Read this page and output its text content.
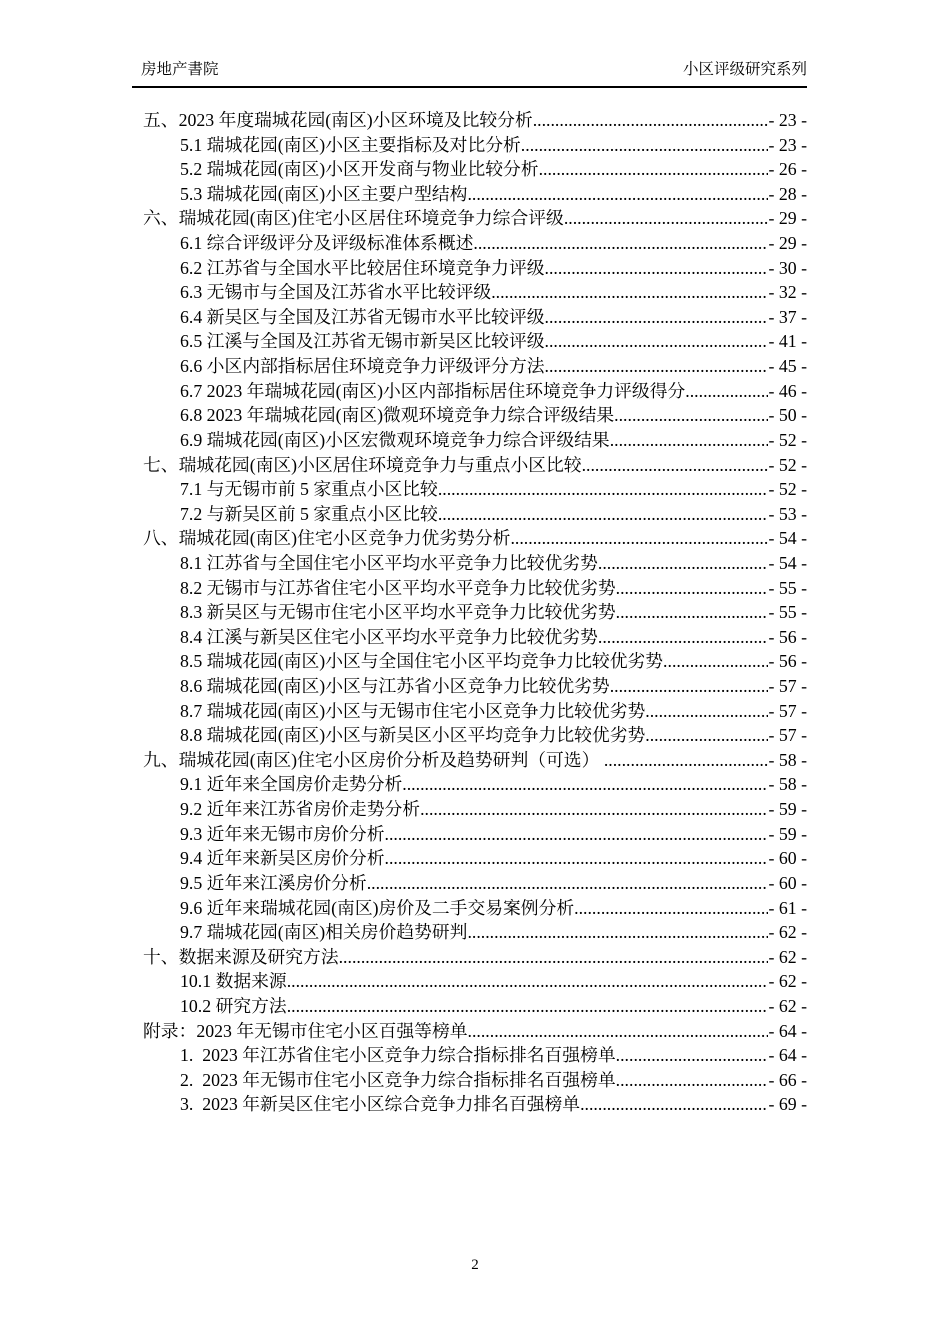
房地产書院	小区评级研究系列
五、2023 年度瑞城花园(南区)小区环境及比较分析 .....	- 23 -
5.1 瑞城花园(南区)小区主要指标及对比分析 .....	- 23 -
5.2 瑞城花园(南区)小区开发商与物业比较分析 .....	- 26 -
5.3 瑞城花园(南区)小区主要户型结构 .....	- 28 -
六、瑞城花园(南区)住宅小区居住环境竞争力综合评级 .....	- 29 -
6.1 综合评级评分及评级标准体系概述 .....	- 29 -
6.2 江苏省与全国水平比较居住环境竞争力评级 .....	- 30 -
6.3 无锡市与全国及江苏省水平比较评级 .....	- 32 -
6.4 新吴区与全国及江苏省无锡市水平比较评级 .....	- 37 -
6.5 江溪与全国及江苏省无锡市新吴区比较评级 .....	- 41 -
6.6 小区内部指标居住环境竞争力评级评分方法 .....	- 45 -
6.7 2023 年瑞城花园(南区)小区内部指标居住环境竞争力评级得分 .....	- 46 -
6.8 2023 年瑞城花园(南区)微观环境竞争力综合评级结果 .....	- 50 -
6.9 瑞城花园(南区)小区宏微观环境竞争力综合评级结果 .....	- 52 -
七、瑞城花园(南区)小区居住环境竞争力与重点小区比较 .....	- 52 -
7.1 与无锡市前 5 家重点小区比较 .....	- 52 -
7.2 与新吴区前 5 家重点小区比较 .....	- 53 -
八、瑞城花园(南区)住宅小区竞争力优劣势分析 .....	- 54 -
8.1 江苏省与全国住宅小区平均水平竞争力比较优劣势 .....	- 54 -
8.2 无锡市与江苏省住宅小区平均水平竞争力比较优劣势 .....	- 55 -
8.3 新吴区与无锡市住宅小区平均水平竞争力比较优劣势 .....	- 55 -
8.4 江溪与新吴区住宅小区平均水平竞争力比较优劣势 .....	- 56 -
8.5 瑞城花园(南区)小区与全国住宅小区平均竞争力比较优劣势 .....	- 56 -
8.6 瑞城花园(南区)小区与江苏省小区竞争力比较优劣势 .....	- 57 -
8.7 瑞城花园(南区)小区与无锡市住宅小区竞争力比较优劣势 .....	- 57 -
8.8 瑞城花园(南区)小区与新吴区小区平均竞争力比较优劣势 .....	- 57 -
九、瑞城花园(南区)住宅小区房价分析及趋势研判（可选） .....	- 58 -
9.1 近年来全国房价走势分析 .....	- 58 -
9.2 近年来江苏省房价走势分析 .....	- 59 -
9.3 近年来无锡市房价分析 .....	- 59 -
9.4 近年来新吴区房价分析 .....	- 60 -
9.5 近年来江溪房价分析 .....	- 60 -
9.6 近年来瑞城花园(南区)房价及二手交易案例分析 .....	- 61 -
9.7 瑞城花园(南区)相关房价趋势研判 .....	- 62 -
十、数据来源及研究方法 .....	- 62 -
10.1 数据来源 .....	- 62 -
10.2 研究方法 .....	- 62 -
附录：2023 年无锡市住宅小区百强等榜单 .....	- 64 -
1.  2023 年江苏省住宅小区竞争力综合指标排名百强榜单 .....	- 64 -
2.  2023 年无锡市住宅小区竞争力综合指标排名百强榜单 .....	- 66 -
3.  2023 年新吴区住宅小区综合竞争力排名百强榜单 .....	- 69 -
2
